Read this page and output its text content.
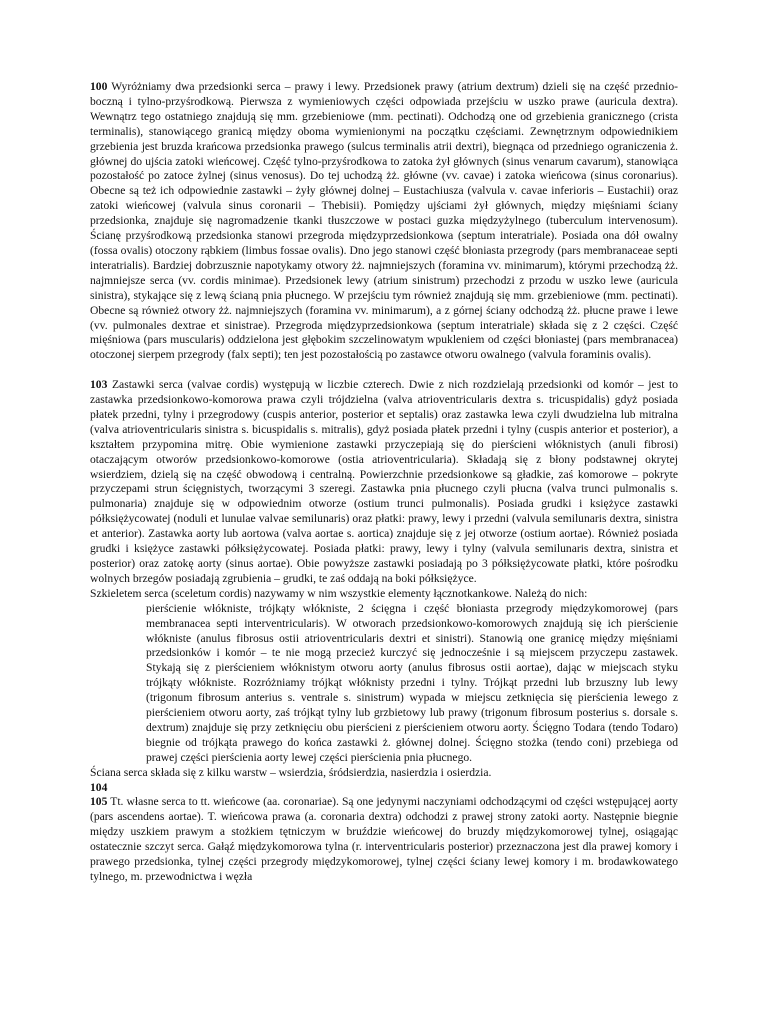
100 Wyróżniamy dwa przedsionki serca – prawy i lewy. Przedsionek prawy (atrium dextrum) dzieli się na część przednio-boczną i tylno-przyśrodkową. Pierwsza z wymieniowych części odpowiada przejściu w uszko prawe (auricula dextra). Wewnątrz tego ostatniego znajdują się mm. grzebieniowe (mm. pectinati). Odchodzą one od grzebienia granicznego (crista terminalis), stanowiącego granicą między oboma wymienionymi na początku częściami. Zewnętrznym odpowiednikiem grzebienia jest bruzda krańcowa przedsionka prawego (sulcus terminalis atrii dextri), biegnąca od przedniego ograniczenia ż. głównej do ujścia zatoki wieńcowej. Część tylno-przyśrodkowa to zatoka żył głównych (sinus venarum cavarum), stanowiąca pozostałość po zatoce żylnej (sinus venosus). Do tej uchodzą żż. główne (vv. cavae) i zatoka wieńcowa (sinus coronarius). Obecne są też ich odpowiednie zastawki – żyły głównej dolnej – Eustachiusza (valvula v. cavae inferioris – Eustachii) oraz zatoki wieńcowej (valvula sinus coronarii – Thebisii). Pomiędzy ujściami żył głównych, między mięśniami ściany przedsionka, znajduje się nagromadzenie tkanki tłuszczowe w postaci guzka międzyżylnego (tuberculum intervenosum). Ścianę przyśrodkową przedsionka stanowi przegroda międzyprzedsionkowa (septum interatriale). Posiada ona dół owalny (fossa ovalis) otoczony rąbkiem (limbus fossae ovalis). Dno jego stanowi część błoniasta przegrody (pars membranaceae septi interatrialis). Bardziej dobrzusznie napotykamy otwory żż. najmniejszych (foramina vv. minimarum), którymi przechodzą żż. najmniejsze serca (vv. cordis minimae). Przedsionek lewy (atrium sinistrum) przechodzi z przodu w uszko lewe (auricula sinistra), stykające się z lewą ścianą pnia płucnego. W przejściu tym również znajdują się mm. grzebieniowe (mm. pectinati). Obecne są również otwory żż. najmniejszych (foramina vv. minimarum), a z górnej ściany odchodzą żż. płucne prawe i lewe (vv. pulmonales dextrae et sinistrae). Przegroda międzyprzedsionkowa (septum interatriale) składa się z 2 części. Część mięśniowa (pars muscularis) oddzielona jest głębokim szczelinowatym wpukleniem od części błoniastej (pars membranacea) otoczonej sierpem przegrody (falx septi); ten jest pozostałością po zastawce otworu owalnego (valvula foraminis ovalis).

103 Zastawki serca (valvae cordis) występują w liczbie czterech. Dwie z nich rozdzielają przedsionki od komór – jest to zastawka przedsionkowo-komorowa prawa czyli trójdzielna (valva atrioventricularis dextra s. tricuspidalis) gdyż posiada płatek przedni, tylny i przegrodowy (cuspis anterior, posterior et septalis) oraz zastawka lewa czyli dwudzielna lub mitralna (valva atrioventricularis sinistra s. bicuspidalis s. mitralis), gdyż posiada płatek przedni i tylny (cuspis anterior et posterior), a kształtem przypomina mitrę. Obie wymienione zastawki przyczepiają się do pierścieni włóknistych (anuli fibrosi) otaczającym otworów przedsionkowo-komorowe (ostia atrioventricularia). Składają się z błony podstawnej okrytej wsierdziem, dzielą się na część obwodową i centralną. Powierzchnie przedsionkowe są gładkie, zaś komorowe – pokryte przyczepami strun ścięgnistych, tworzącymi 3 szeregi. Zastawka pnia płucnego czyli płucna (valva trunci pulmonalis s. pulmonaria) znajduje się w odpowiednim otworze (ostium trunci pulmonalis). Posiada grudki i księżyce zastawki półksiężycowatej (noduli et lunulae valvae semilunaris) oraz płatki: prawy, lewy i przedni (valvula semilunaris dextra, sinistra et anterior). Zastawka aorty lub aortowa (valva aortae s. aortica) znajduje się z jej otworze (ostium aortae). Również posiada grudki i księżyce zastawki półksiężycowatej. Posiada płatki: prawy, lewy i tylny (valvula semilunaris dextra, sinistra et posterior) oraz zatokę aorty (sinus aortae). Obie powyższe zastawki posiadają po 3 półksiężycowate płatki, które pośrodku wolnych brzegów posiadają zgrubienia – grudki, te zaś oddają na boki półksiężyce.

Szkieletem serca (sceletum cordis) nazywamy w nim wszystkie elementy łącznotkankowe. Należą do nich:

pierścienie włókniste, trójkąty włókniste, 2 ścięgna i część błoniasta przegrody międzykomorowej (pars membranacea septi interventricularis). W otworach przedsionkowo-komorowych znajdują się ich pierścienie włókniste (anulus fibrosus ostii atrioventricularis dextri et sinistri). Stanowią one granicę między mięśniami przedsionków i komór – te nie mogą przecież kurczyć się jednocześnie i są miejscem przyczepu zastawek. Stykają się z pierścieniem włóknistym otworu aorty (anulus fibrosus ostii aortae), dając w miejscach styku trójkąty włókniste. Rozróżniamy trójkąt włóknisty przedni i tylny. Trójkąt przedni lub brzuszny lub lewy (trigonum fibrosum anterius s. ventrale s. sinistrum) wypada w miejscu zetknięcia się pierścienia lewego z pierścieniem otworu aorty, zaś trójkąt tylny lub grzbietowy lub prawy (trigonum fibrosum posterius s. dorsale s. dextrum) znajduje się przy zetknięciu obu pierścieni z pierścieniem otworu aorty. Ścięgno Todara (tendo Todaro) biegnie od trójkąta prawego do końca zastawki ż. głównej dolnej. Ścięgno stożka (tendo coni) przebiega od prawej części pierścienia aorty lewej części pierścienia pnia płucnego.

Ściana serca składa się z kilku warstw – wsierdzia, śródsierdzia, nasierdzia i osierdzia.

104

105 Tt. własne serca to tt. wieńcowe (aa. coronariae). Są one jedynymi naczyniami odchodzącymi od części wstępującej aorty (pars ascendens aortae). T. wieńcowa prawa (a. coronaria dextra) odchodzi z prawej strony zatoki aorty. Następnie biegnie między uszkiem prawym a stożkiem tętniczym w bruździe wieńcowej do bruzdy międzykomorowej tylnej, osiągając ostatecznie szczyt serca. Gałąź międzykomorowa tylna (r. interventricularis posterior) przeznaczona jest dla prawej komory i prawego przedsionka, tylnej części przegrody międzykomorowej, tylnej części ściany lewej komory i m. brodawkowatego tylnego, m. przewodnictwa i węzła
